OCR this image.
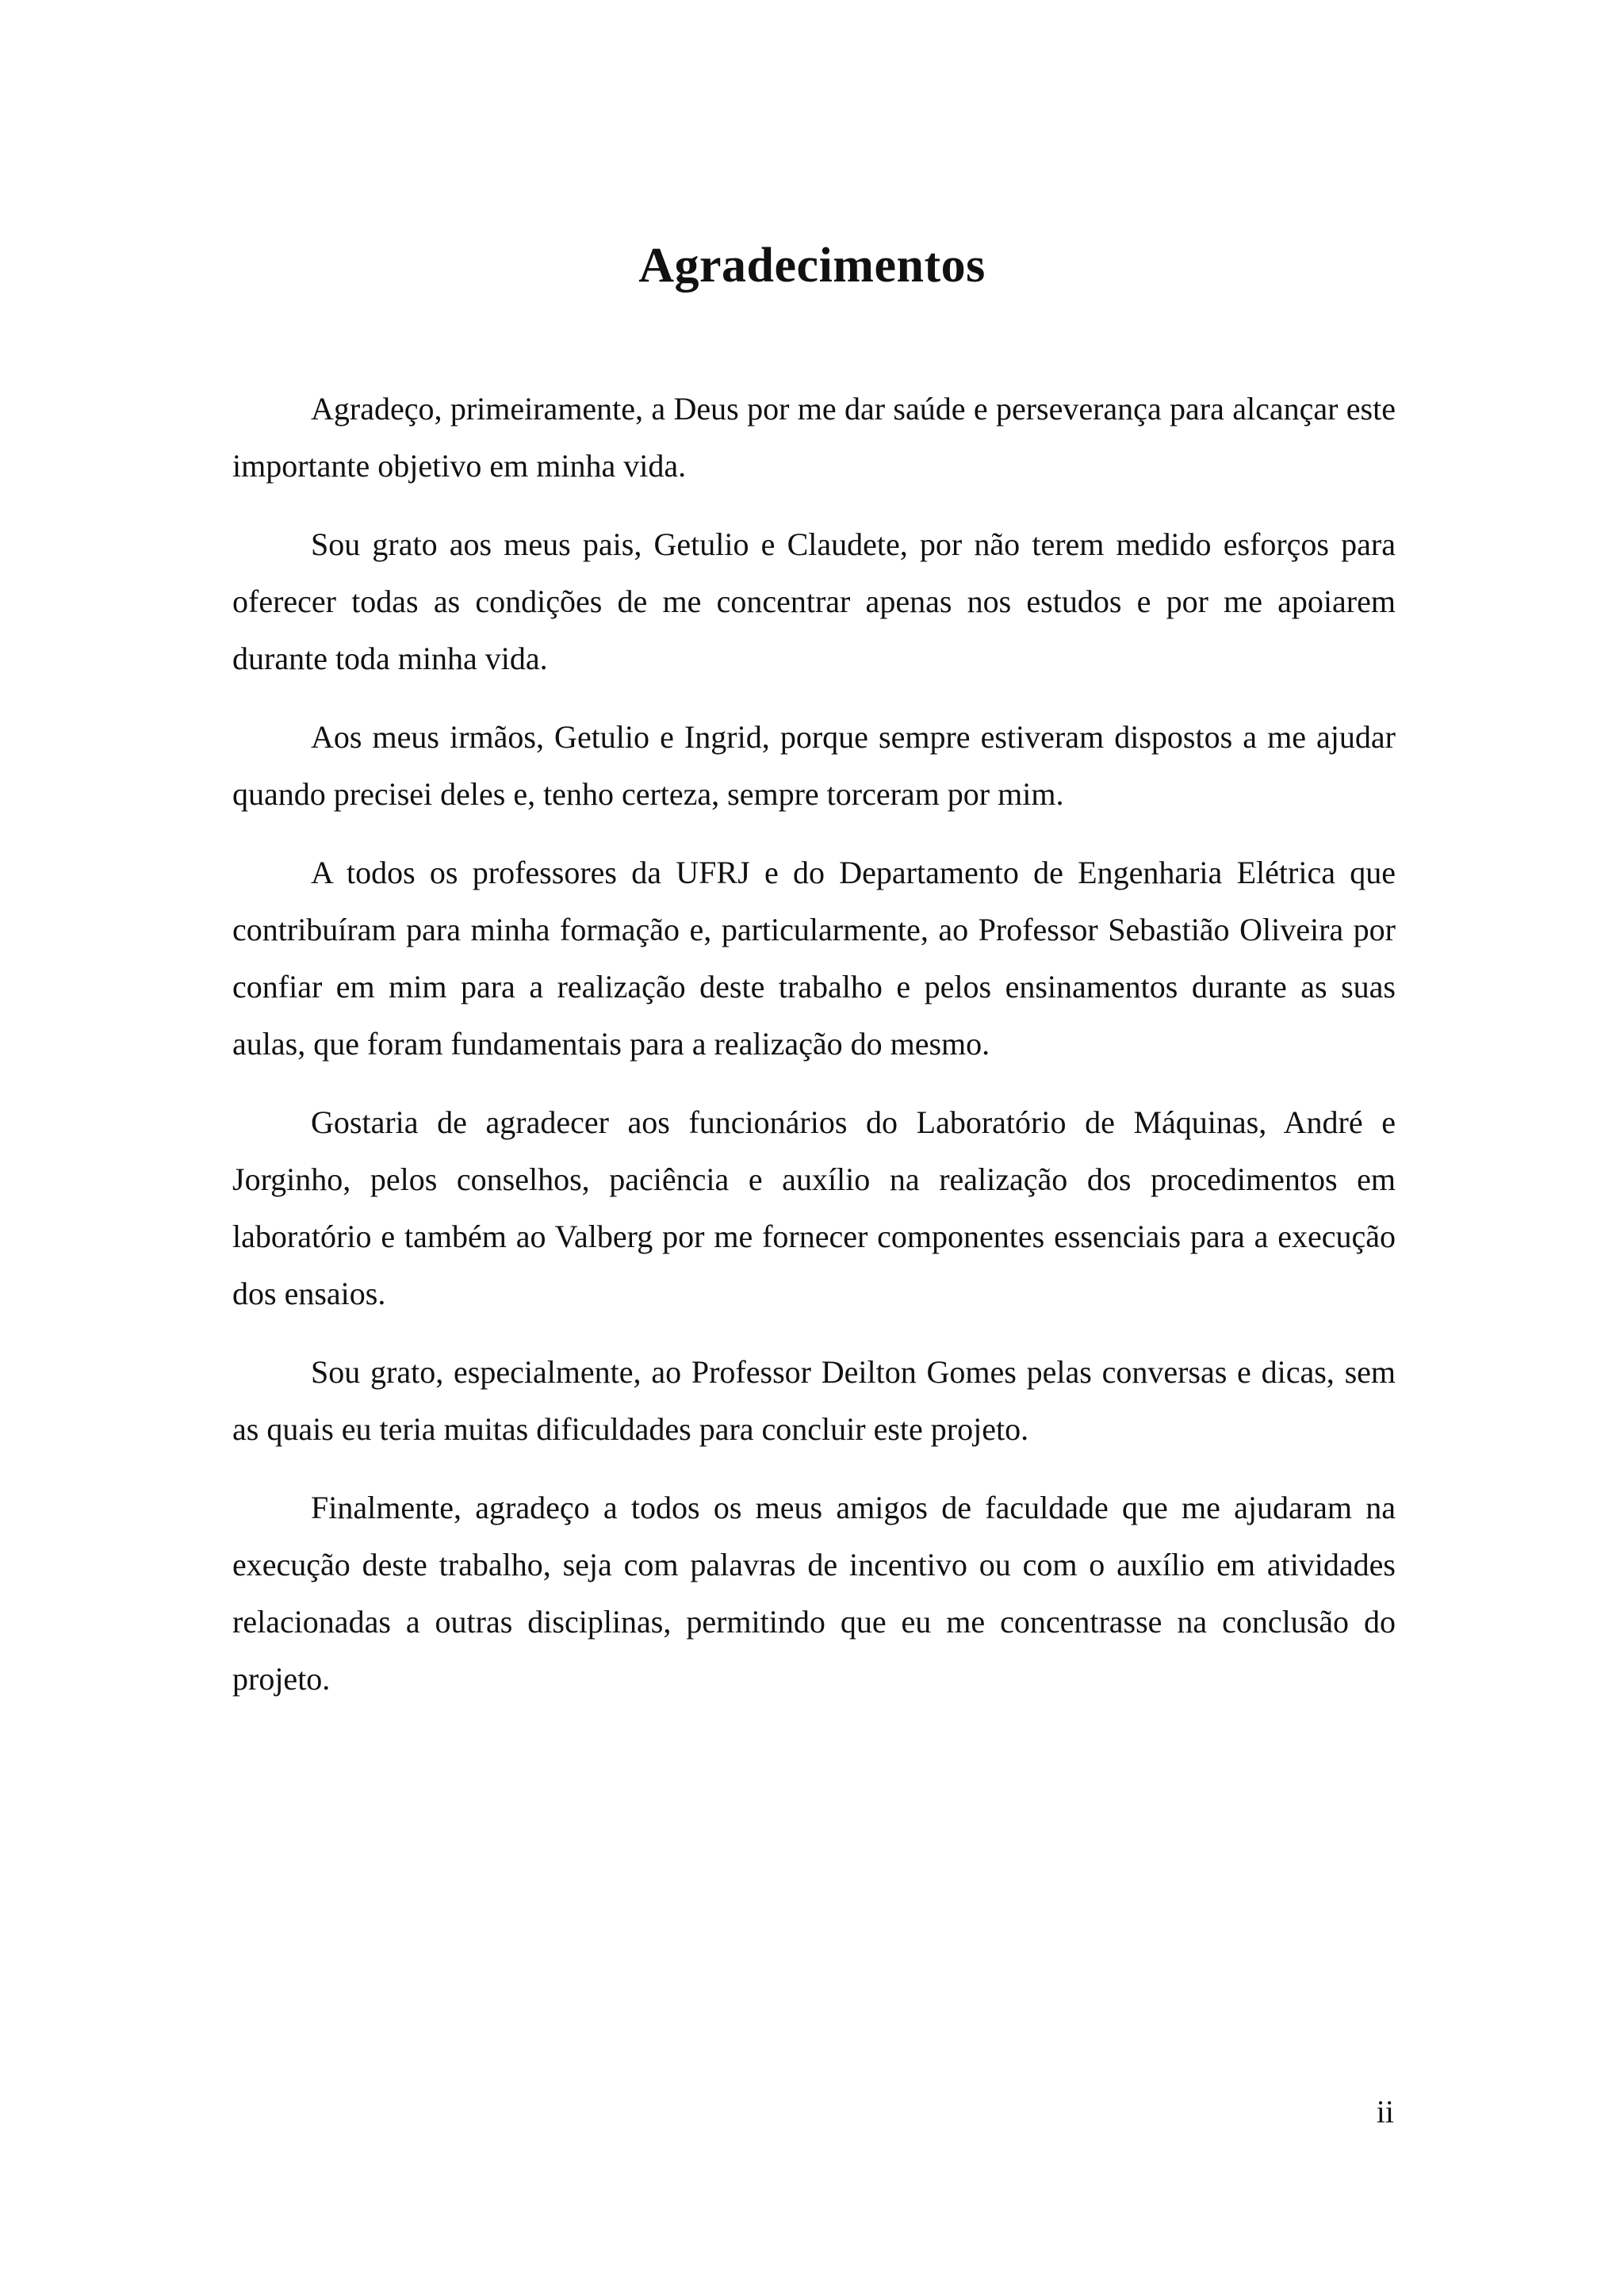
Agradecimentos

Agradeço, primeiramente, a Deus por me dar saúde e perseverança para alcançar este importante objetivo em minha vida.

Sou grato aos meus pais, Getulio e Claudete, por não terem medido esforços para oferecer todas as condições de me concentrar apenas nos estudos e por me apoiarem durante toda minha vida.

Aos meus irmãos, Getulio e Ingrid, porque sempre estiveram dispostos a me ajudar quando precisei deles e, tenho certeza, sempre torceram por mim.

A todos os professores da UFRJ e do Departamento de Engenharia Elétrica que contribuíram para minha formação e, particularmente, ao Professor Sebastião Oliveira por confiar em mim para a realização deste trabalho e pelos ensinamentos durante as suas aulas, que foram fundamentais para a realização do mesmo.

Gostaria de agradecer aos funcionários do Laboratório de Máquinas, André e Jorginho, pelos conselhos, paciência e auxílio na realização dos procedimentos em laboratório e também ao Valberg por me fornecer componentes essenciais para a execução dos ensaios.

Sou grato, especialmente, ao Professor Deilton Gomes pelas conversas e dicas, sem as quais eu teria muitas dificuldades para concluir este projeto.

Finalmente, agradeço a todos os meus amigos de faculdade que me ajudaram na execução deste trabalho, seja com palavras de incentivo ou com o auxílio em atividades relacionadas a outras disciplinas, permitindo que eu me concentrasse na conclusão do projeto.

ii
